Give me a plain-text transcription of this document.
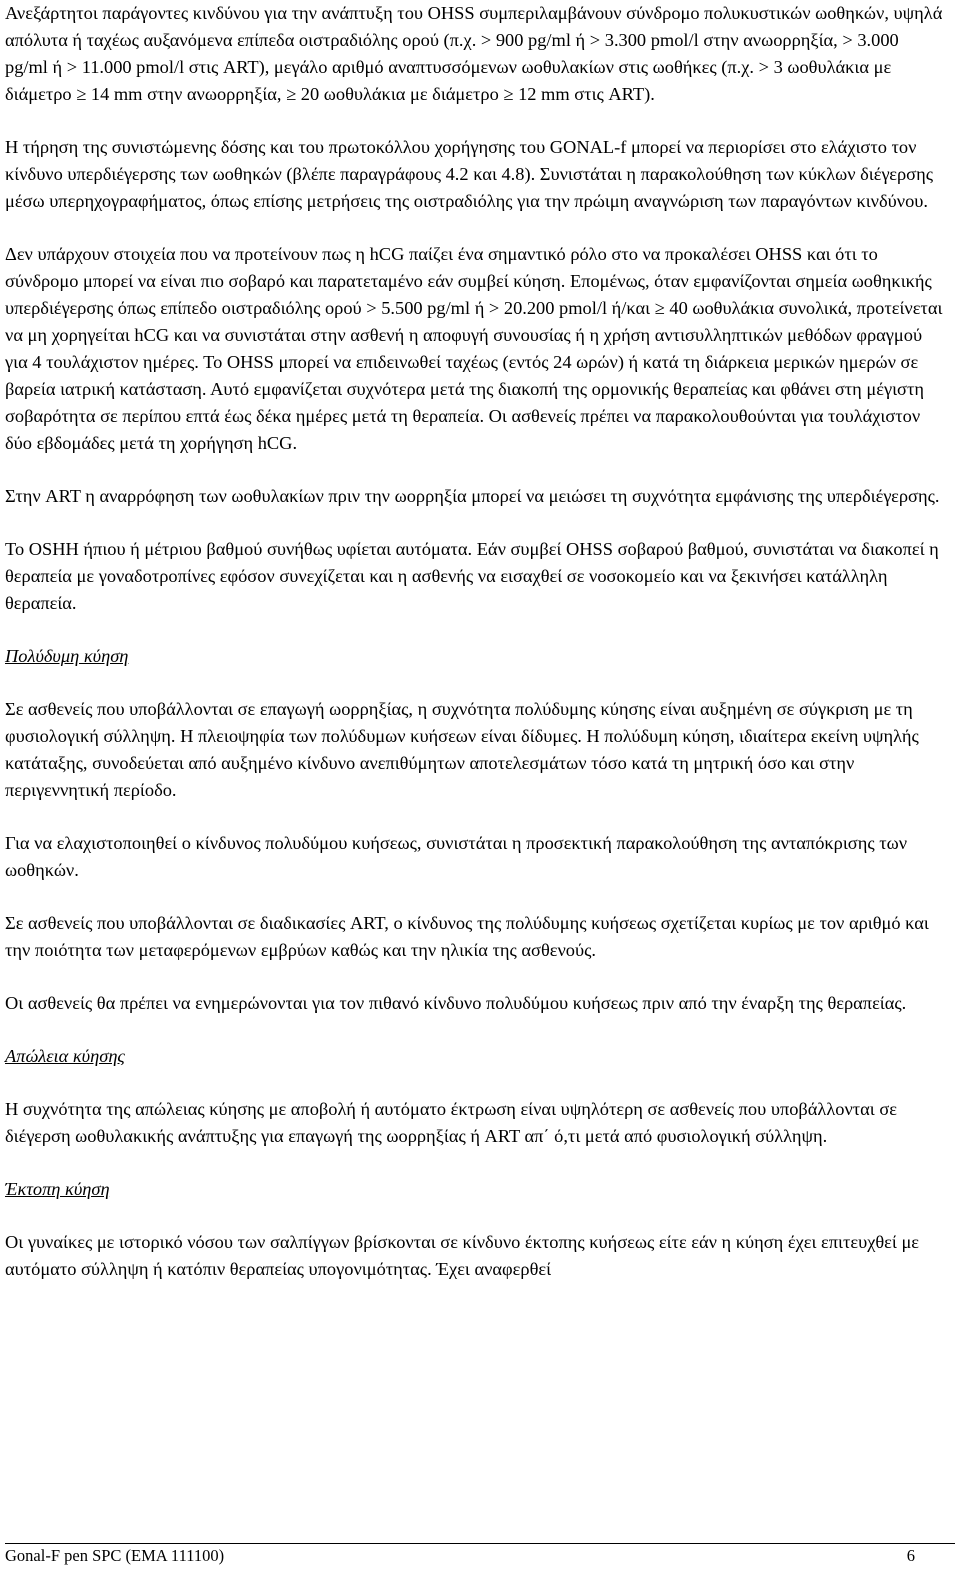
Ανεξάρτητοι παράγοντες κινδύνου για την ανάπτυξη του OHSS συμπεριλαμβάνουν σύνδρομο πολυκυστικών ωοθηκών, υψηλά απόλυτα ή ταχέως αυξανόμενα επίπεδα οιστραδιόλης ορού (π.χ. > 900 pg/ml ή > 3.300 pmol/l στην ανωορρηξία, > 3.000 pg/ml ή > 11.000 pmol/l στις ART), μεγάλο αριθμό αναπτυσσόμενων ωοθυλακίων στις ωοθήκες (π.χ. > 3 ωοθυλάκια με διάμετρο ≥ 14 mm στην ανωορρηξία, ≥ 20 ωοθυλάκια με διάμετρο ≥ 12 mm στις ART).

Η τήρηση της συνιστώμενης δόσης και του πρωτοκόλλου χορήγησης του GONAL-f μπορεί να περιορίσει στο ελάχιστο τον κίνδυνο υπερδιέγερσης των ωοθηκών (βλέπε παραγράφους 4.2 και 4.8). Συνιστάται η παρακολούθηση των κύκλων διέγερσης μέσω υπερηχογραφήματος, όπως επίσης μετρήσεις της οιστραδιόλης για την πρώιμη αναγνώριση των παραγόντων κινδύνου.

Δεν υπάρχουν στοιχεία που να προτείνουν πως η hCG παίζει ένα σημαντικό ρόλο στο να προκαλέσει OHSS και ότι το σύνδρομο μπορεί να είναι πιο σοβαρό και παρατεταμένο εάν συμβεί κύηση. Επομένως, όταν εμφανίζονται σημεία ωοθηκικής υπερδιέγερσης όπως επίπεδο οιστραδιόλης ορού > 5.500 pg/ml ή > 20.200 pmol/l ή/και ≥ 40 ωοθυλάκια συνολικά, προτείνεται να μη χορηγείται hCG και να συνιστάται στην ασθενή η αποφυγή συνουσίας ή η χρήση αντισυλληπτικών μεθόδων φραγμού για 4 τουλάχιστον ημέρες. Το OHSS μπορεί να επιδεινωθεί ταχέως (εντός 24 ωρών) ή κατά τη διάρκεια μερικών ημερών σε βαρεία ιατρική κατάσταση. Αυτό εμφανίζεται συχνότερα μετά της διακοπή της ορμονικής θεραπείας και φθάνει στη μέγιστη σοβαρότητα σε περίπου επτά έως δέκα ημέρες μετά τη θεραπεία. Οι ασθενείς πρέπει να παρακολουθούνται για τουλάχιστον δύο εβδομάδες μετά τη χορήγηση hCG.

Στην ART η αναρρόφηση των ωοθυλακίων πριν την ωορρηξία μπορεί να μειώσει τη συχνότητα εμφάνισης της υπερδιέγερσης.

Το OSHH ήπιου ή μέτριου βαθμού συνήθως υφίεται αυτόματα. Εάν συμβεί OHSS σοβαρού βαθμού, συνιστάται να διακοπεί η θεραπεία με γοναδοτροπίνες εφόσον συνεχίζεται και η ασθενής να εισαχθεί σε νοσοκομείο και να ξεκινήσει κατάλληλη θεραπεία.

Πολύδυμη κύηση

Σε ασθενείς που υποβάλλονται σε επαγωγή ωορρηξίας, η συχνότητα πολύδυμης κύησης είναι αυξημένη σε σύγκριση με τη φυσιολογική σύλληψη. Η πλειοψηφία των πολύδυμων κυήσεων είναι δίδυμες. Η πολύδυμη κύηση, ιδιαίτερα εκείνη υψηλής κατάταξης, συνοδεύεται από αυξημένο κίνδυνο ανεπιθύμητων αποτελεσμάτων τόσο κατά τη μητρική όσο και στην περιγεννητική περίοδο.

Για να ελαχιστοποιηθεί ο κίνδυνος πολυδύμου κυήσεως, συνιστάται η προσεκτική παρακολούθηση της ανταπόκρισης των ωοθηκών.

Σε ασθενείς που υποβάλλονται σε διαδικασίες ART, ο κίνδυνος της πολύδυμης κυήσεως σχετίζεται κυρίως με τον αριθμό και την ποιότητα των μεταφερόμενων εμβρύων καθώς και την ηλικία της ασθενούς.

Οι ασθενείς θα πρέπει να ενημερώνονται για τον πιθανό κίνδυνο πολυδύμου κυήσεως πριν από την έναρξη της θεραπείας.

Απώλεια κύησης

Η συχνότητα της απώλειας κύησης με αποβολή ή αυτόματο έκτρωση είναι υψηλότερη σε ασθενείς που υποβάλλονται σε διέγερση ωοθυλακικής ανάπτυξης για επαγωγή της ωορρηξίας ή ART απ΄ ό,τι μετά από φυσιολογική σύλληψη.

Έκτοπη κύηση

Οι γυναίκες με ιστορικό νόσου των σαλπίγγων βρίσκονται σε κίνδυνο έκτοπης κυήσεως είτε εάν η κύηση έχει επιτευχθεί με αυτόματο σύλληψη ή κατόπιν θεραπείας υπογονιμότητας. Έχει αναφερθεί

Gonal-F pen SPC (EMA 111100)	6
